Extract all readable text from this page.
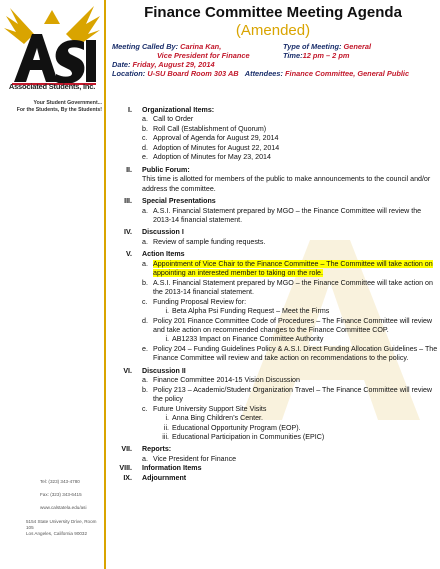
Associated Students, Inc.
Your Student Government...
For the Students, By the Students!
Tel: (323) 343-4780
Fax: (323) 343-6415
www.calstatela.edu/asi
5154 State University Drive, Room 105
Los Angeles, California 90032
Finance Committee Meeting Agenda
(Amended)
Meeting Called By: Carina Kan,
Vice President for Finance
Type of Meeting: General
Time:12 pm – 2 pm
Date: Friday, August 29, 2014
Location: U-SU Board Room 303 AB Attendees: Finance Committee, General Public
I. Organizational Items:
a. Call to Order
b. Roll Call (Establishment of Quorum)
c. Approval of Agenda for August 29, 2014
d. Adoption of Minutes for August 22, 2014
e. Adoption of Minutes for May 23, 2014
II. Public Forum:
This time is allotted for members of the public to make announcements to the council and/or address the committee.
III. Special Presentations
a. A.S.I. Financial Statement prepared by MGO – the Finance Committee will review the 2013-14 financial statement.
IV. Discussion I
a. Review of sample funding requests.
V. Action Items
a. Appointment of Vice Chair to the Finance Committee – The Committee will take action on appointing an interested member to taking on the role.
b. A.S.I. Financial Statement prepared by MGO – the Finance Committee will take action on the 2013-14 financial statement.
c. Funding Proposal Review for:
i. Beta Alpha Psi Funding Request – Meet the Firms
d. Policy 201 Finance Committee Code of Procedures – The Finance Committee will review and take action on recommended changes to the Finance Committee COP.
i. AB1233 Impact on Finance Committee Authority
e. Policy 204 – Funding Guidelines Policy & A.S.I. Direct Funding Allocation Guidelines – The Finance Committee will review and take action on recommendations to the policy.
VI. Discussion II
a. Finance Committee 2014-15 Vision Discussion
b. Policy 213 – Academic/Student Organization Travel – The Finance Committee will review the policy
c. Future University Support Site Visits
i. Anna Bing Children’s Center.
ii. Educational Opportunity Program (EOP).
iii. Educational Participation in Communities (EPIC)
VII. Reports:
a. Vice President for Finance
VIII. Information Items
IX. Adjournment
